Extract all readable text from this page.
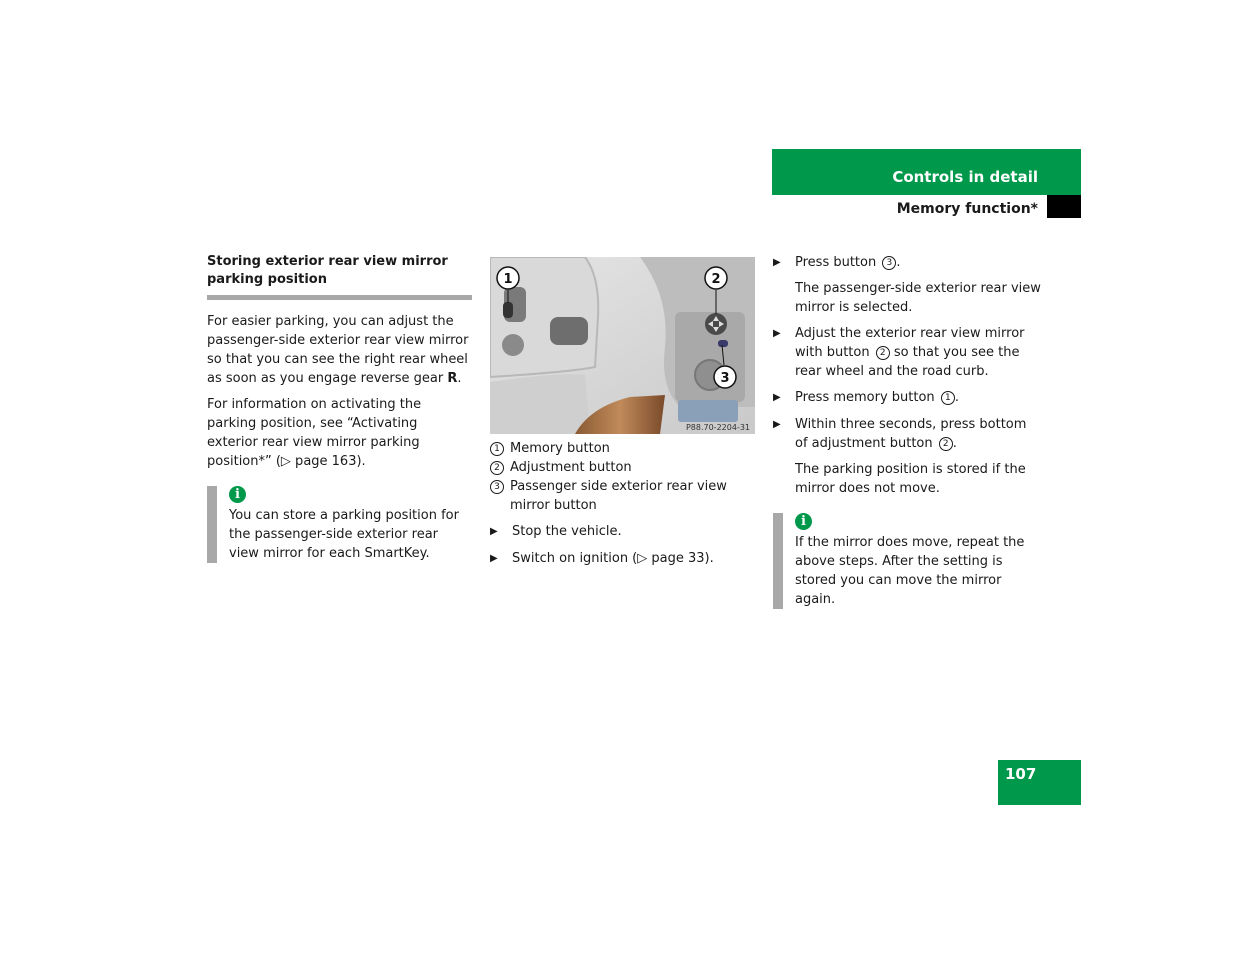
Controls in detail
Memory function*
Storing exterior rear view mirror parking position

For easier parking, you can adjust the passenger-side exterior rear view mirror so that you can see the right rear wheel as soon as you engage reverse gear R.

For information on activating the parking position, see “Activating exterior rear view mirror parking position*” (▷ page 163).

i

You can store a parking position for the passenger-side exterior rear view mirror for each SmartKey.

1	2
3
P88.70-2204-31
1 Memory button
2 Adjustment button
3 Passenger side exterior rear view mirror button
▶ Stop the vehicle.
▶ Switch on ignition (▷ page 33).
▶ Press button 3 .

The passenger-side exterior rear view mirror is selected.

▶ Adjust the exterior rear view mirror with button 2 so that you see the rear wheel and the road curb.
▶ Press memory button 1 .
▶ Within three seconds, press bottom of adjustment button 2 .

The parking position is stored if the mirror does not move.

i

If the mirror does move, repeat the above steps. After the setting is stored you can move the mirror again.

107
